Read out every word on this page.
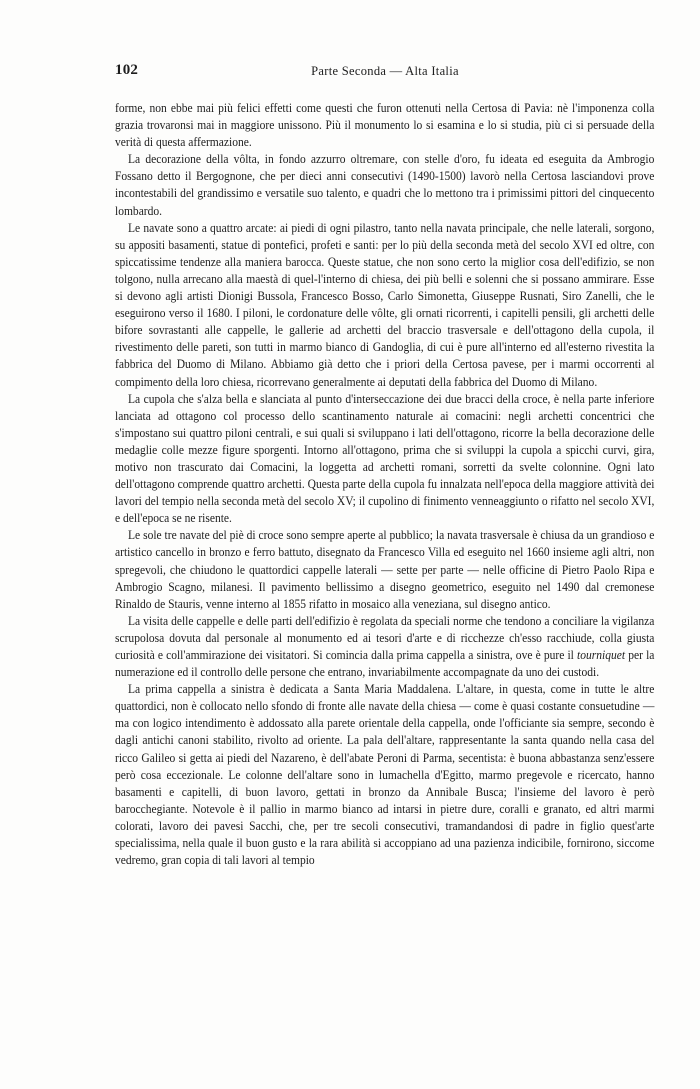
102	Parte Seconda — Alta Italia

forme, non ebbe mai più felici effetti come questi che furon ottenuti nella Certosa di Pavia: nè l'imponenza colla grazia trovaronsi mai in maggiore unissono. Più il monumento lo si esamina e lo si studia, più ci si persuade della verità di questa affermazione.

La decorazione della vôlta, in fondo azzurro oltremare, con stelle d'oro, fu ideata ed eseguita da Ambrogio Fossano detto il Bergognone, che per dieci anni consecutivi (1490-1500) lavorò nella Certosa lasciandovi prove incontestabili del grandissimo e versatile suo talento, e quadri che lo mettono tra i primissimi pittori del cinquecento lombardo.

Le navate sono a quattro arcate: ai piedi di ogni pilastro, tanto nella navata principale, che nelle laterali, sorgono, su appositi basamenti, statue di pontefici, profeti e santi: per lo più della seconda metà del secolo XVI ed oltre, con spiccatissime tendenze alla maniera barocca. Queste statue, che non sono certo la miglior cosa dell'edifizio, se non tolgono, nulla arrecano alla maestà di quel-l'interno di chiesa, dei più belli e solenni che si possano ammirare. Esse si devono agli artisti Dionigi Bussola, Francesco Bosso, Carlo Simonetta, Giuseppe Rusnati, Siro Zanelli, che le eseguirono verso il 1680. I piloni, le cordonature delle vôlte, gli ornati ricorrenti, i capitelli pensili, gli archetti delle bifore sovrastanti alle cappelle, le gallerie ad archetti del braccio trasversale e dell'ottagono della cupola, il rivestimento delle pareti, son tutti in marmo bianco di Gandoglia, di cui è pure all'interno ed all'esterno rivestita la fabbrica del Duomo di Milano. Abbiamo già detto che i priori della Certosa pavese, per i marmi occorrenti al compimento della loro chiesa, ricorrevano generalmente ai deputati della fabbrica del Duomo di Milano.

La cupola che s'alza bella e slanciata al punto d'interseccazione dei due bracci della croce, è nella parte inferiore lanciata ad ottagono col processo dello scantinamento naturale ai comacini: negli archetti concentrici che s'impostano sui quattro piloni centrali, e sui quali si sviluppano i lati dell'ottagono, ricorre la bella decorazione delle medaglie colle mezze figure sporgenti. Intorno all'ottagono, prima che si sviluppi la cupola a spicchi curvi, gira, motivo non trascurato dai Comacini, la loggetta ad archetti romani, sorretti da svelte colonnine. Ogni lato dell'ottagono comprende quattro archetti. Questa parte della cupola fu innalzata nell'epoca della maggiore attività dei lavori del tempio nella seconda metà del secolo XV; il cupolino di finimento venneaggiunto o rifatto nel secolo XVI, e dell'epoca se ne risente.

Le sole tre navate del piè di croce sono sempre aperte al pubblico; la navata trasversale è chiusa da un grandioso e artistico cancello in bronzo e ferro battuto, disegnato da Francesco Villa ed eseguito nel 1660 insieme agli altri, non spregevoli, che chiudono le quattordici cappelle laterali — sette per parte — nelle officine di Pietro Paolo Ripa e Ambrogio Scagno, milanesi. Il pavimento bellissimo a disegno geometrico, eseguito nel 1490 dal cremonese Rinaldo de Stauris, venne interno al 1855 rifatto in mosaico alla veneziana, sul disegno antico.

La visita delle cappelle e delle parti dell'edifizio è regolata da speciali norme che tendono a conciliare la vigilanza scrupolosa dovuta dal personale al monumento ed ai tesori d'arte e di ricchezze ch'esso racchiude, colla giusta curiosità e coll'ammirazione dei visitatori. Si comincia dalla prima cappella a sinistra, ove è pure il tourniquet per la numerazione ed il controllo delle persone che entrano, invariabilmente accompagnate da uno dei custodi.

La prima cappella a sinistra è dedicata a Santa Maria Maddalena. L'altare, in questa, come in tutte le altre quattordici, non è collocato nello sfondo di fronte alle navate della chiesa — come è quasi costante consuetudine — ma con logico intendimento è addossato alla parete orientale della cappella, onde l'officiante sia sempre, secondo è dagli antichi canoni stabilito, rivolto ad oriente. La pala dell'altare, rappresentante la santa quando nella casa del ricco Galileo si getta ai piedi del Nazareno, è dell'abate Peroni di Parma, secentista: è buona abbastanza senz'essere però cosa eccezionale. Le colonne dell'altare sono in lumachella d'Egitto, marmo pregevole e ricercato, hanno basamenti e capitelli, di buon lavoro, gettati in bronzo da Annibale Busca; l'insieme del lavoro è però barocchegiante. Notevole è il pallio in marmo bianco ad intarsi in pietre dure, coralli e granato, ed altri marmi colorati, lavoro dei pavesi Sacchi, che, per tre secoli consecutivi, tramandandosi di padre in figlio quest'arte specialissima, nella quale il buon gusto e la rara abilità si accoppiano ad una pazienza indicibile, fornirono, siccome vedremo, gran copia di tali lavori al tempio
